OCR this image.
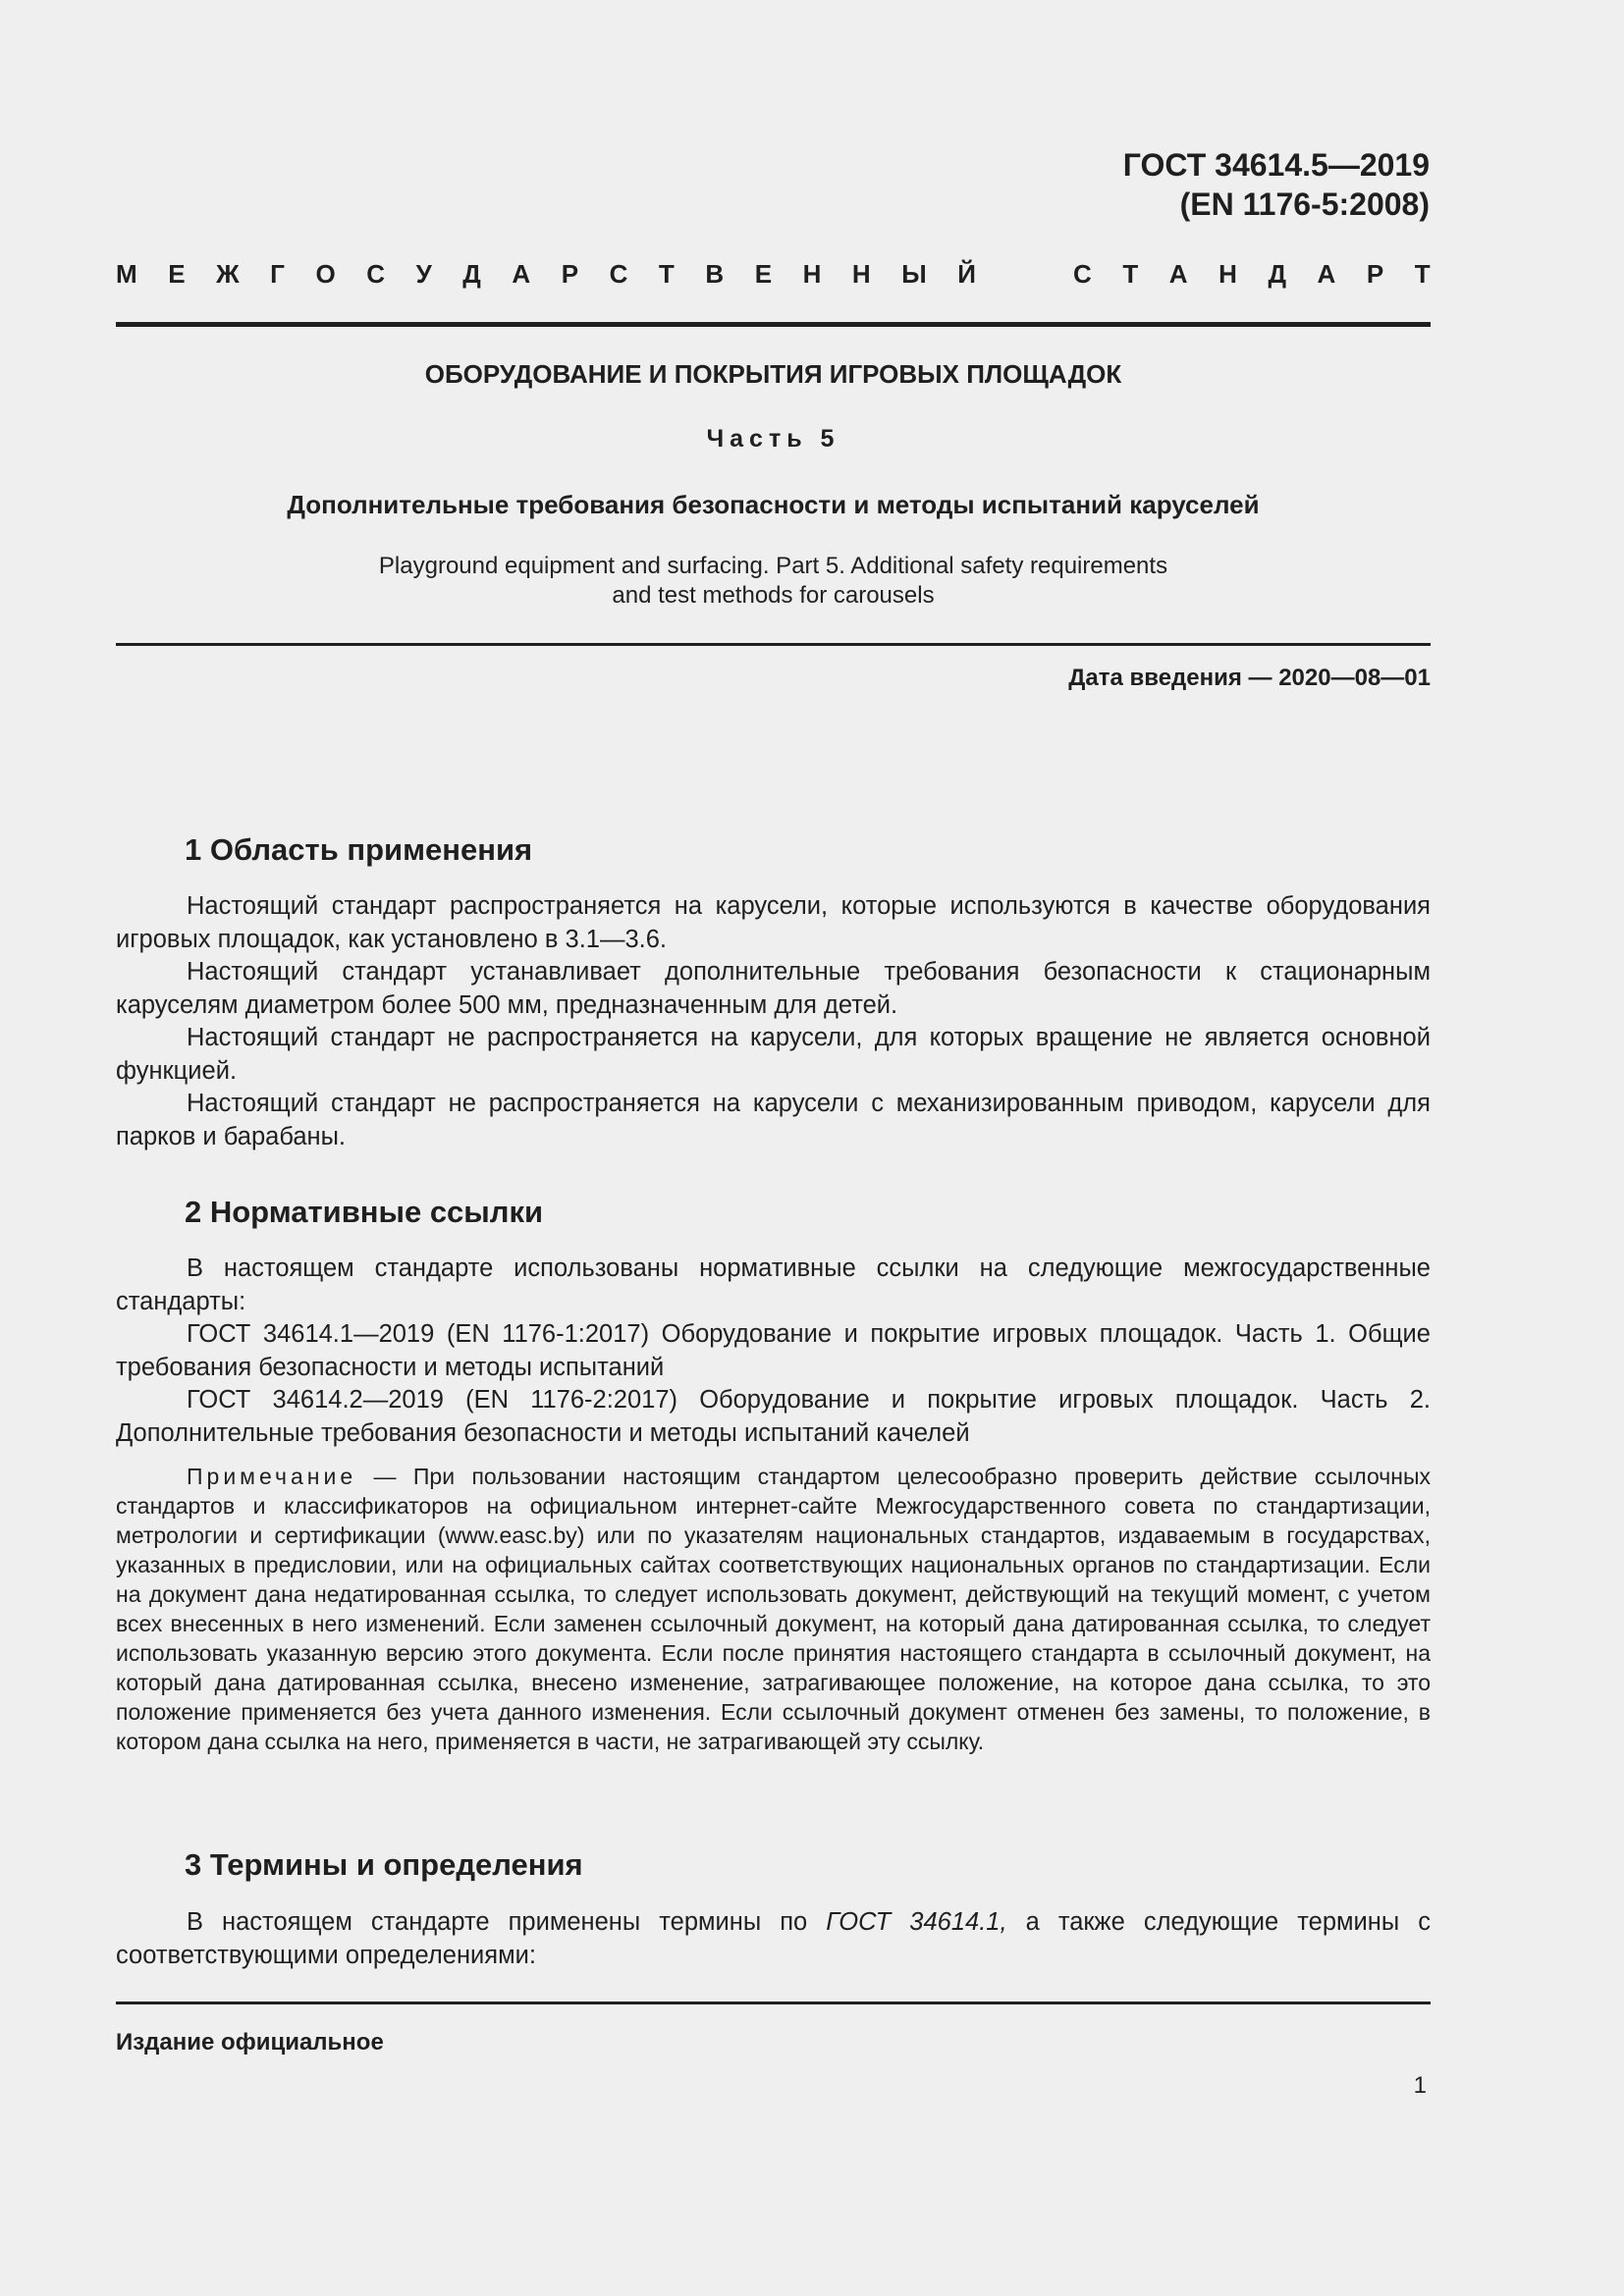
ГОСТ 34614.5—2019
(EN 1176-5:2008)
М Е Ж Г О С У Д А Р С Т В Е Н Н Ы Й	С Т А Н Д А Р Т
ОБОРУДОВАНИЕ И ПОКРЫТИЯ ИГРОВЫХ ПЛОЩАДОК
Часть 5
Дополнительные требования безопасности и методы испытаний каруселей
Playground equipment and surfacing. Part 5. Additional safety requirements
and test methods for carousels
Дата введения — 2020—08—01
1 Область применения

Настоящий стандарт распространяется на карусели, которые используются в качестве оборудования игровых площадок, как установлено в 3.1—3.6.

Настоящий стандарт устанавливает дополнительные требования безопасности к стационарным каруселям диаметром более 500 мм, предназначенным для детей.

Настоящий стандарт не распространяется на карусели, для которых вращение не является основной функцией.

Настоящий стандарт не распространяется на карусели с механизированным приводом, карусели для парков и барабаны.

2 Нормативные ссылки

В настоящем стандарте использованы нормативные ссылки на следующие межгосударственные стандарты:

ГОСТ 34614.1—2019 (EN 1176-1:2017) Оборудование и покрытие игровых площадок. Часть 1. Общие требования безопасности и методы испытаний

ГОСТ 34614.2—2019 (EN 1176-2:2017) Оборудование и покрытие игровых площадок. Часть 2. Дополнительные требования безопасности и методы испытаний качелей

Примечание — При пользовании настоящим стандартом целесообразно проверить действие ссылочных стандартов и классификаторов на официальном интернет-сайте Межгосударственного совета по стандартизации, метрологии и сертификации (www.easc.by) или по указателям национальных стандартов, издаваемым в государствах, указанных в предисловии, или на официальных сайтах соответствующих национальных органов по стандартизации. Если на документ дана недатированная ссылка, то следует использовать документ, действующий на текущий момент, с учетом всех внесенных в него изменений. Если заменен ссылочный документ, на который дана датированная ссылка, то следует использовать указанную версию этого документа. Если после принятия настоящего стандарта в ссылочный документ, на который дана датированная ссылка, внесено изменение, затрагивающее положение, на которое дана ссылка, то это положение применяется без учета данного изменения. Если ссылочный документ отменен без замены, то положение, в котором дана ссылка на него, применяется в части, не затрагивающей эту ссылку.

3 Термины и определения

В настоящем стандарте применены термины по ГОСТ 34614.1, а также следующие термины с соответствующими определениями:

Издание официальное
1
